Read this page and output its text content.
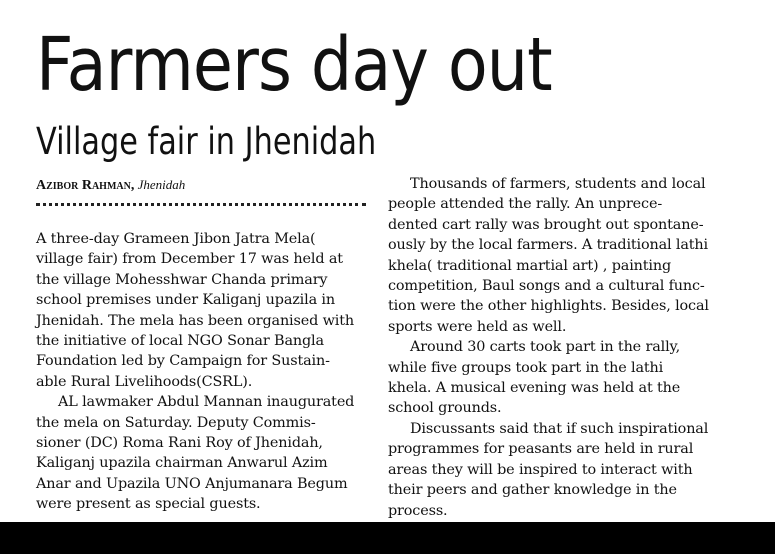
Farmers day out
Village fair in Jhenidah
Azibor Rahman, Jhenidah

A three-day Grameen Jibon Jatra Mela(
village fair) from December 17 was held at
the village Mohesshwar Chanda primary
school premises under Kaliganj upazila in
Jhenidah. The mela has been organised with
the initiative of local NGO Sonar Bangla
Foundation led by Campaign for Sustain-
able Rural Livelihoods(CSRL).

AL lawmaker Abdul Mannan inaugurated
the mela on Saturday. Deputy Commis-
sioner (DC) Roma Rani Roy of Jhenidah,
Kaliganj upazila chairman Anwarul Azim
Anar and Upazila UNO Anjumanara Begum
were present as special guests.

Thousands of farmers, students and local
people attended the rally. An unprece-
dented cart rally was brought out spontane-
ously by the local farmers. A traditional lathi
khela( traditional martial art) , painting
competition, Baul songs and a cultural func-
tion were the other highlights. Besides, local
sports were held as well.

Around 30 carts took part in the rally,
while five groups took part in the lathi
khela. A musical evening was held at the
school grounds.

Discussants said that if such inspirational
programmes for peasants are held in rural
areas they will be inspired to interact with
their peers and gather knowledge in the
process.
